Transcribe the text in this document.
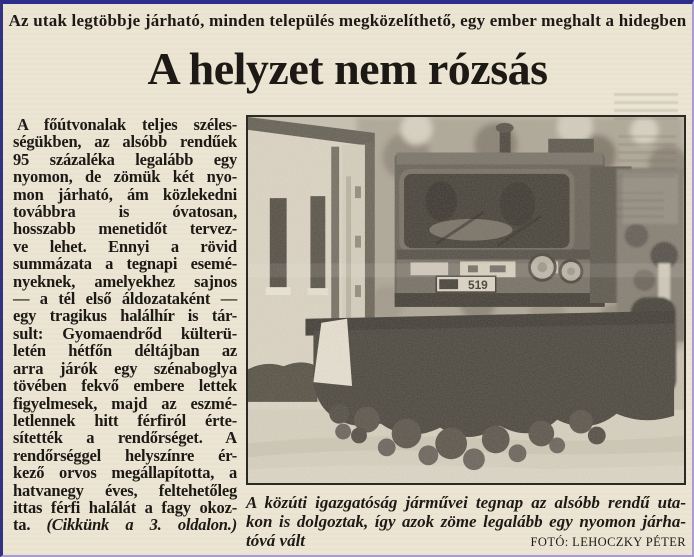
Az utak legtöbbje járható, minden település megközelíthető, egy ember meghalt a hidegben
A helyzet nem rózsás
A főútvonalak teljes széles-
ségükben, az alsóbb rendűek
95 százaléka legalább egy
nyomon, de zömük két nyo-
mon járható, ám közlekedni
továbbra is óvatosan,
hosszabb menetidőt tervez-
ve lehet. Ennyi a rövid
summázata a tegnapi esemé-
nyeknek, amelyekhez sajnos
— a tél első áldozataként —
egy tragikus halálhír is tár-
sult: Gyomaendrőd külterü-
letén hétfőn déltájban az
arra járók egy szénaboglya
tövében fekvő embere lettek
figyelmesek, majd az eszmé-
letlennek hitt férfiról érte-
sítették a rendőrséget. A
rendőrséggel helyszínre ér-
kező orvos megállapította, a
hatvanegy éves, feltehetőleg
ittas férfi halálát a fagy okoz-
ta. (Cikkünk a 3. oldalon.)
519
A közúti igazgatóság járművei tegnap az alsóbb rendű uta-
kon is dolgoztak, így azok zöme legalább egy nyomon járha-
tóvá vált	FOTÓ: LEHOCZKY PÉTER
